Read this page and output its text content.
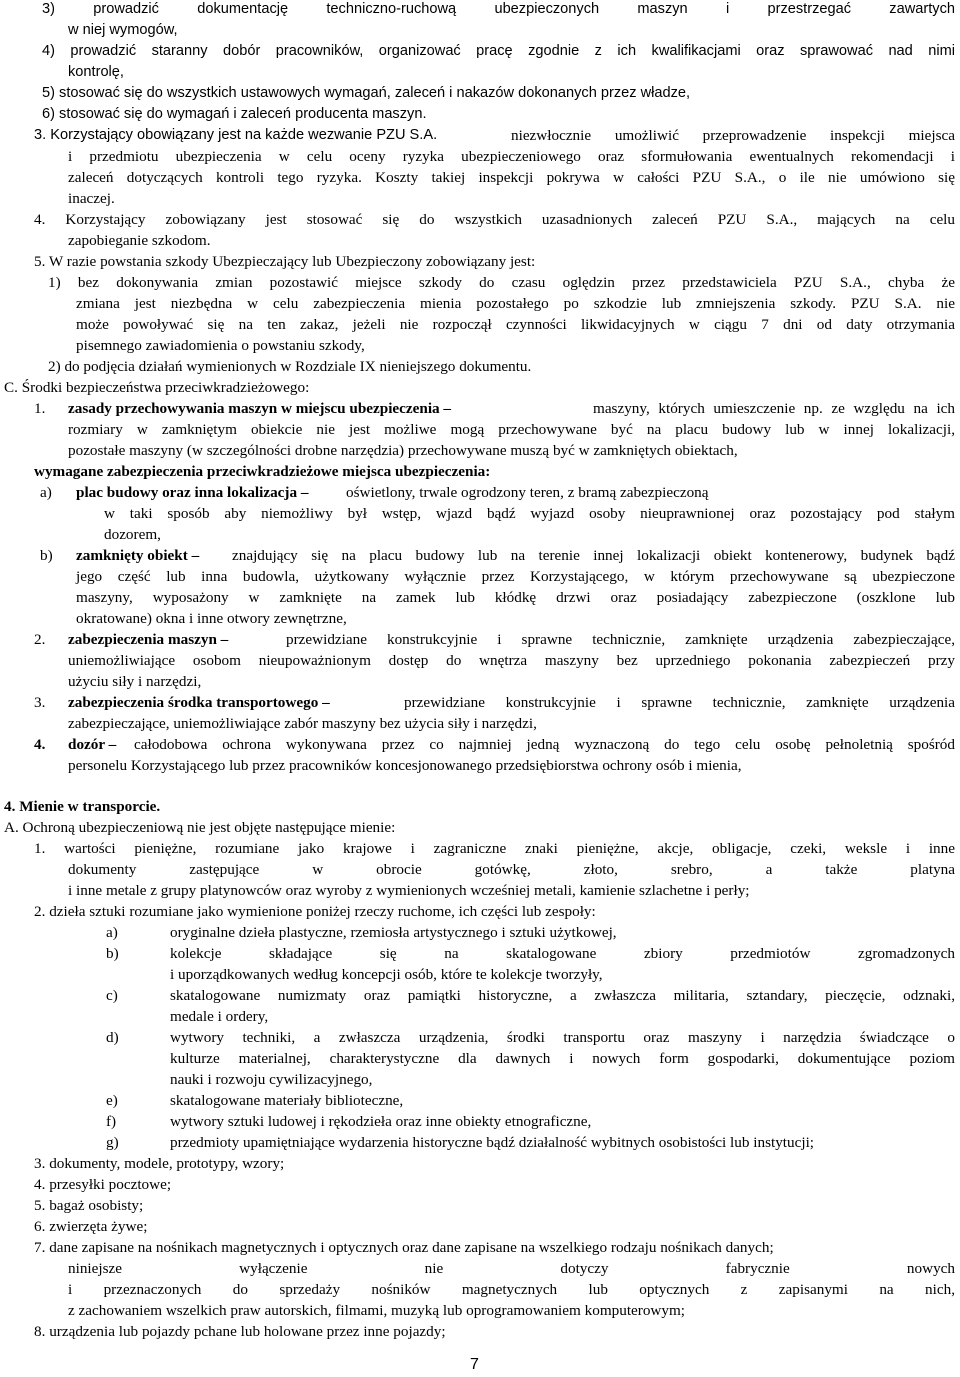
3) prowadzić dokumentację techniczno-ruchową ubezpieczonych maszyn i przestrzegać zawartych
w niej wymogów,
4) prowadzić staranny dobór pracowników, organizować pracę zgodnie z ich kwalifikacjami oraz sprawować nad nimi
kontrolę,
5) stosować się do wszystkich ustawowych wymagań, zaleceń i nakazów dokonanych przez władze,
6) stosować się do wymagań i zaleceń producenta maszyn.
3. Korzystający obowiązany jest na każde wezwanie PZU S.A.	niezwłocznie umożliwić przeprowadzenie inspekcji miejsca
i przedmiotu ubezpieczenia w celu oceny ryzyka ubezpieczeniowego oraz sformułowania ewentualnych rekomendacji i
zaleceń dotyczących kontroli tego ryzyka. Koszty takiej inspekcji pokrywa w całości PZU S.A., o ile nie umówiono się
inaczej.
4. Korzystający zobowiązany jest stosować się do wszystkich uzasadnionych zaleceń PZU S.A., mających na celu
zapobieganie szkodom.
5. W razie powstania szkody Ubezpieczający lub Ubezpieczony zobowiązany jest:
1) bez dokonywania zmian pozostawić miejsce szkody do czasu oględzin przez przedstawiciela PZU S.A., chyba że
zmiana jest niezbędna w celu zabezpieczenia mienia pozostałego po szkodzie lub zmniejszenia szkody. PZU S.A. nie
może powoływać się na ten zakaz, jeżeli nie rozpoczął czynności likwidacyjnych w ciągu 7 dni od daty otrzymania
pisemnego zawiadomienia o powstaniu szkody,
2) do podjęcia działań wymienionych w Rozdziale IX nieniejszego dokumentu.
C. Środki bezpieczeństwa przeciwkradzieżowego:
1. zasady przechowywania maszyn w miejscu ubezpieczenia –	maszyny, których umieszczenie np. ze względu na ich
rozmiary w zamkniętym obiekcie nie jest możliwe mogą przechowywane być na placu budowy lub w innej lokalizacji,
pozostałe maszyny (w szczególności drobne narzędzia) przechowywane muszą być w zamkniętych obiektach,
wymagane zabezpieczenia przeciwkradzieżowe miejsca ubezpieczenia:
a) plac budowy oraz inna lokalizacja – oświetlony, trwale ogrodzony teren, z bramą zabezpieczoną
w taki sposób aby niemożliwy był wstęp, wjazd bądź wyjazd osoby nieuprawnionej oraz pozostający pod stałym
dozorem,
b) zamknięty obiekt – znajdujący się na placu budowy lub na terenie innej lokalizacji obiekt kontenerowy, budynek bądź
jego część lub inna budowla, użytkowany wyłącznie przez Korzystającego, w którym przechowywane są ubezpieczone
maszyny, wyposażony w zamknięte na zamek lub kłódkę drzwi oraz posiadający zabezpieczone (oszklone lub
okratowane) okna i inne otwory zewnętrzne,
2. zabezpieczenia maszyn –	przewidziane konstrukcyjnie i sprawne technicznie, zamknięte urządzenia zabezpieczające,
uniemożliwiające osobom nieupoważnionym dostęp do wnętrza maszyny bez uprzedniego pokonania zabezpieczeń przy
użyciu siły i narzędzi,
3. zabezpieczenia środka transportowego –	przewidziane konstrukcyjnie i sprawne technicznie, zamknięte urządzenia
zabezpieczające, uniemożliwiające zabór maszyny bez użycia siły i narzędzi,
4. dozór – całodobowa ochrona wykonywana przez co najmniej jedną wyznaczoną do tego celu osobę pełnoletnią spośród
personelu Korzystającego lub przez pracowników koncesjonowanego przedsiębiorstwa ochrony osób i mienia,
4. Mienie w transporcie.
A. Ochroną ubezpieczeniową nie jest objęte następujące mienie:
1. wartości pieniężne, rozumiane jako krajowe i zagraniczne znaki pieniężne, akcje, obligacje, czeki, weksle i inne
dokumenty zastępujące w obrocie gotówkę, złoto, srebro, a także platyna
i inne metale z grupy platynowców oraz wyroby z wymienionych wcześniej metali, kamienie szlachetne i perły;
2. dzieła sztuki rozumiane jako wymienione poniżej rzeczy ruchome, ich części lub zespoły:
a)	oryginalne dzieła plastyczne, rzemiosła artystycznego i sztuki użytkowej,
b)	kolekcje składające się na skatalogowane zbiory przedmiotów zgromadzonych
i uporządkowanych według koncepcji osób, które te kolekcje tworzyły,
c)	skatalogowane numizmaty oraz pamiątki historyczne, a zwłaszcza militaria, sztandary, pieczęcie, odznaki,
medale i ordery,
d)	wytwory techniki, a zwłaszcza urządzenia, środki transportu oraz maszyny i narzędzia świadczące o
kulturze materialnej, charakterystyczne dla dawnych i nowych form gospodarki, dokumentujące poziom
nauki i rozwoju cywilizacyjnego,
e)	skatalogowane materiały biblioteczne,
f)	wytwory sztuki ludowej i rękodzieła oraz inne obiekty etnograficzne,
g)	przedmioty upamiętniające wydarzenia historyczne bądź działalność wybitnych osobistości lub instytucji;
3. dokumenty, modele, prototypy, wzory;
4. przesyłki pocztowe;
5. bagaż osobisty;
6. zwierzęta żywe;
7. dane zapisane na nośnikach magnetycznych i optycznych oraz dane zapisane na wszelkiego rodzaju nośnikach danych;
niniejsze wyłączenie nie dotyczy fabrycznie nowych
i przeznaczonych do sprzedaży nośników magnetycznych lub optycznych z zapisanymi na nich,
z zachowaniem wszelkich praw autorskich, filmami, muzyką lub oprogramowaniem komputerowym;
8. urządzenia lub pojazdy pchane lub holowane przez inne pojazdy;
7
